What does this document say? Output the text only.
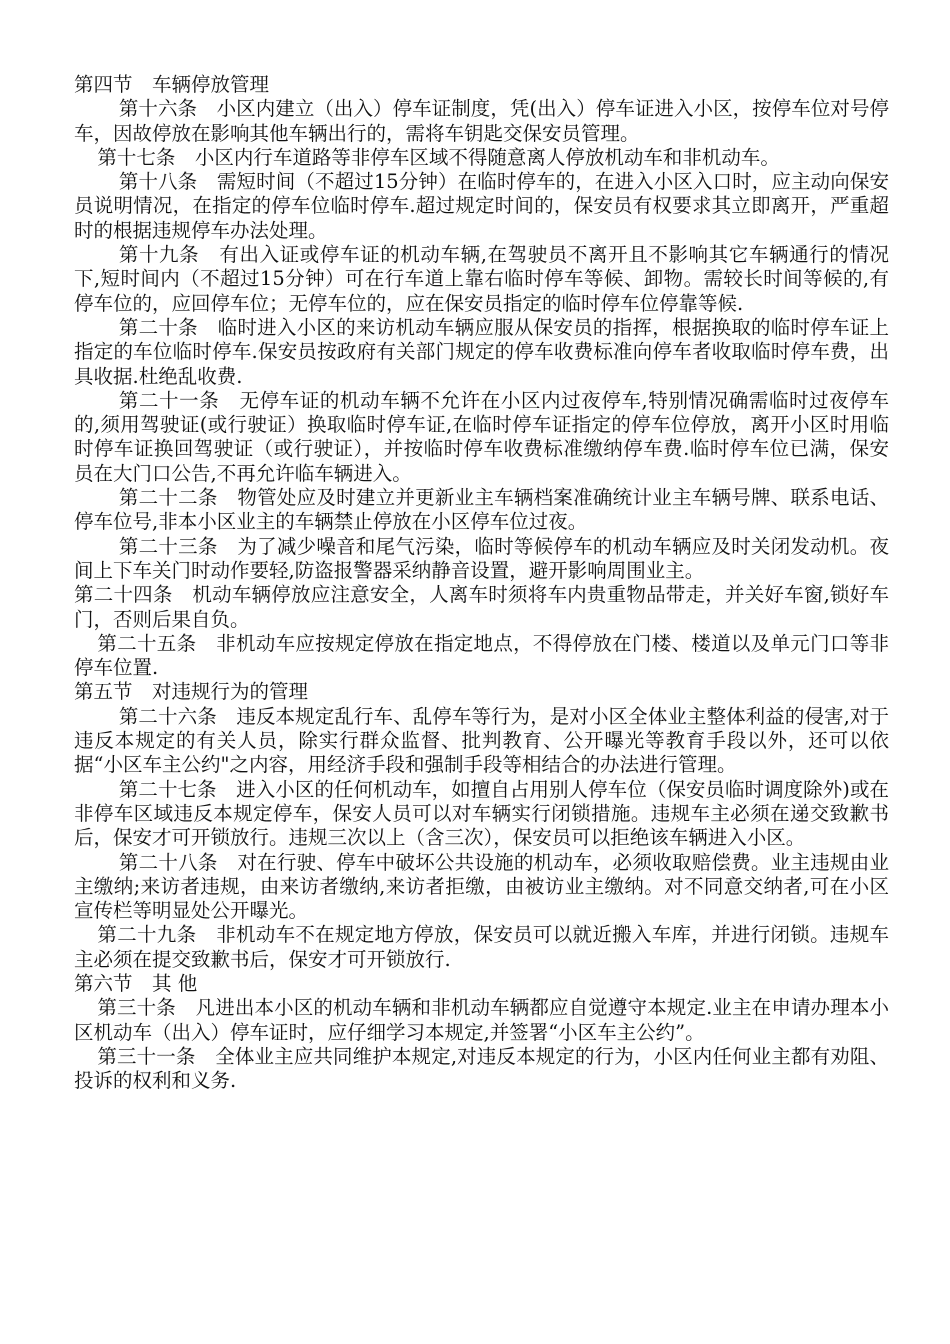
第四节　车辆停放管理

第十六条　小区内建立（出入）停车证制度，凭(出入）停车证进入小区，按停车位对号停车，因故停放在影响其他车辆出行的，需将车钥匙交保安员管理。

第十七条　小区内行车道路等非停车区域不得随意离人停放机动车和非机动车。

第十八条　需短时间（不超过15分钟）在临时停车的，在进入小区入口时，应主动向保安员说明情况，在指定的停车位临时停车.超过规定时间的，保安员有权要求其立即离开，严重超时的根据违规停车办法处理。

第十九条　有出入证或停车证的机动车辆,在驾驶员不离开且不影响其它车辆通行的情况下,短时间内（不超过15分钟）可在行车道上靠右临时停车等候、卸物。需较长时间等候的,有停车位的，应回停车位；无停车位的，应在保安员指定的临时停车位停靠等候.

第二十条　临时进入小区的来访机动车辆应服从保安员的指挥，根据换取的临时停车证上指定的车位临时停车.保安员按政府有关部门规定的停车收费标准向停车者收取临时停车费，出具收据.杜绝乱收费.

第二十一条　无停车证的机动车辆不允许在小区内过夜停车,特别情况确需临时过夜停车的,须用驾驶证(或行驶证）换取临时停车证,在临时停车证指定的停车位停放，离开小区时用临时停车证换回驾驶证（或行驶证），并按临时停车收费标准缴纳停车费.临时停车位已满，保安员在大门口公告,不再允许临车辆进入。

第二十二条　物管处应及时建立并更新业主车辆档案准确统计业主车辆号牌、联系电话、停车位号,非本小区业主的车辆禁止停放在小区停车位过夜。

第二十三条　为了减少噪音和尾气污染，临时等候停车的机动车辆应及时关闭发动机。夜间上下车关门时动作要轻,防盗报警器采纳静音设置，避开影响周围业主。

第二十四条　机动车辆停放应注意安全，人离车时须将车内贵重物品带走，并关好车窗,锁好车门，否则后果自负。

第二十五条　非机动车应按规定停放在指定地点，不得停放在门楼、楼道以及单元门口等非停车位置.

第五节　对违规行为的管理

第二十六条　违反本规定乱行车、乱停车等行为，是对小区全体业主整体利益的侵害,对于违反本规定的有关人员，除实行群众监督、批判教育、公开曝光等教育手段以外，还可以依据“小区车主公约"之内容，用经济手段和强制手段等相结合的办法进行管理。

第二十七条　进入小区的任何机动车，如擅自占用别人停车位（保安员临时调度除外)或在非停车区域违反本规定停车，保安人员可以对车辆实行闭锁措施。违规车主必须在递交致歉书后，保安才可开锁放行。违规三次以上（含三次），保安员可以拒绝该车辆进入小区。

第二十八条　对在行驶、停车中破坏公共设施的机动车，必须收取赔偿费。业主违规由业主缴纳;来访者违规，由来访者缴纳,来访者拒缴，由被访业主缴纳。对不同意交纳者,可在小区宣传栏等明显处公开曝光。

第二十九条　非机动车不在规定地方停放，保安员可以就近搬入车库，并进行闭锁。违规车主必须在提交致歉书后，保安才可开锁放行.

第六节　其 他

第三十条　凡进出本小区的机动车辆和非机动车辆都应自觉遵守本规定.业主在申请办理本小区机动车（出入）停车证时，应仔细学习本规定,并签署“小区车主公约”。

第三十一条　全体业主应共同维护本规定,对违反本规定的行为，小区内任何业主都有劝阻、投诉的权利和义务.
